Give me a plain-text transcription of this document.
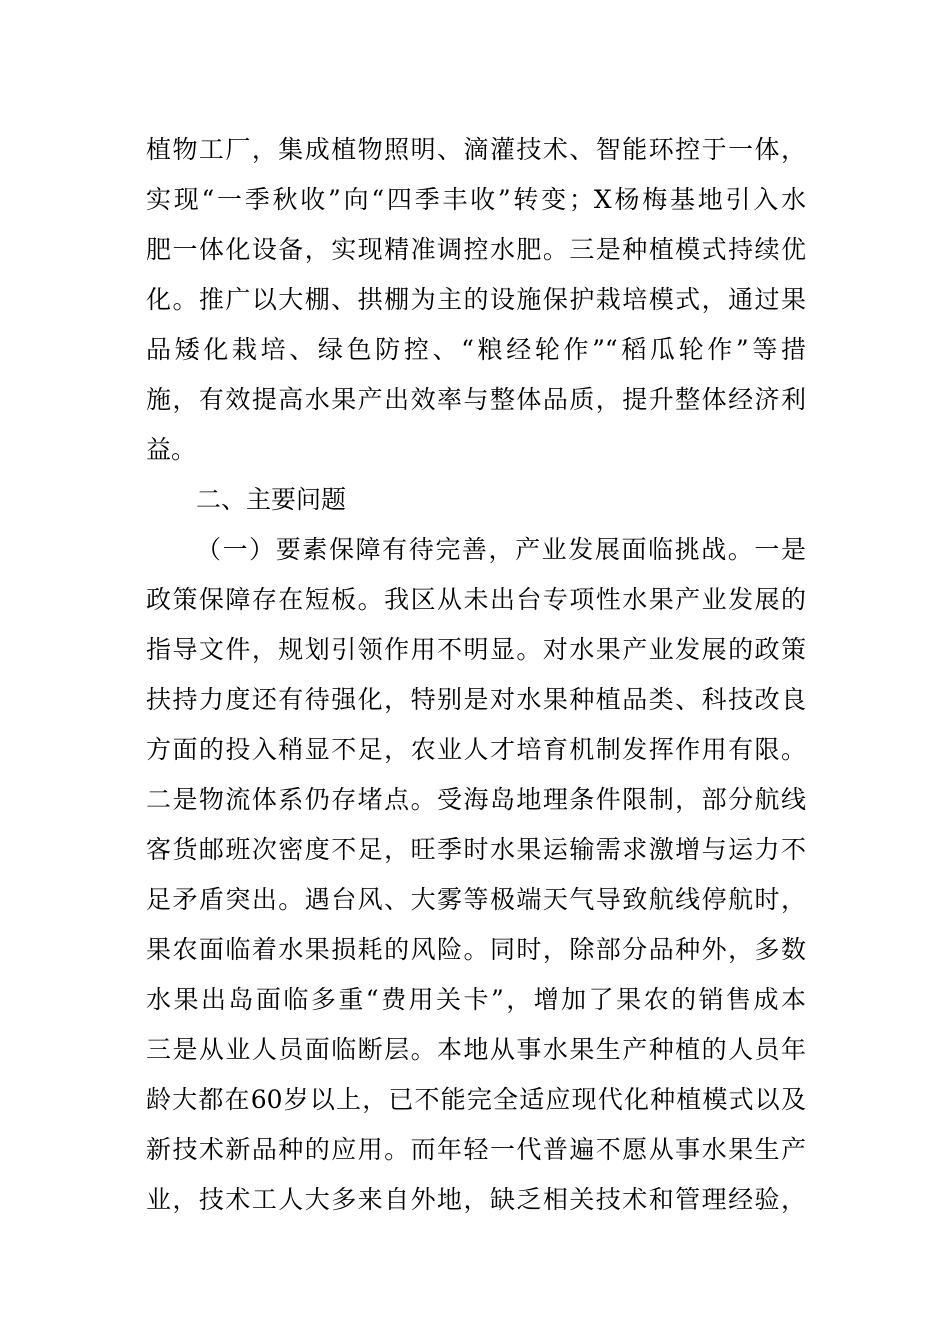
植物工厂，集成植物照明、滴灌技术、智能环控于一体，
实现“一季秋收”向“四季丰收”转变；X杨梅基地引入水
肥一体化设备，实现精准调控水肥。三是种植模式持续优
化。推广以大棚、拱棚为主的设施保护栽培模式，通过果
品矮化栽培、绿色防控、“粮经轮作”“稻瓜轮作”等措
施，有效提高水果产出效率与整体品质，提升整体经济利
益。
二、主要问题
（一）要素保障有待完善，产业发展面临挑战。一是
政策保障存在短板。我区从未出台专项性水果产业发展的
指导文件，规划引领作用不明显。对水果产业发展的政策
扶持力度还有待强化，特别是对水果种植品类、科技改良
方面的投入稍显不足，农业人才培育机制发挥作用有限。
二是物流体系仍存堵点。受海岛地理条件限制，部分航线
客货邮班次密度不足，旺季时水果运输需求激增与运力不
足矛盾突出。遇台风、大雾等极端天气导致航线停航时，
果农面临着水果损耗的风险。同时，除部分品种外，多数
水果出岛面临多重“费用关卡”，增加了果农的销售成本
三是从业人员面临断层。本地从事水果生产种植的人员年
龄大都在60岁以上，已不能完全适应现代化种植模式以及
新技术新品种的应用。而年轻一代普遍不愿从事水果生产
业，技术工人大多来自外地，缺乏相关技术和管理经验，
